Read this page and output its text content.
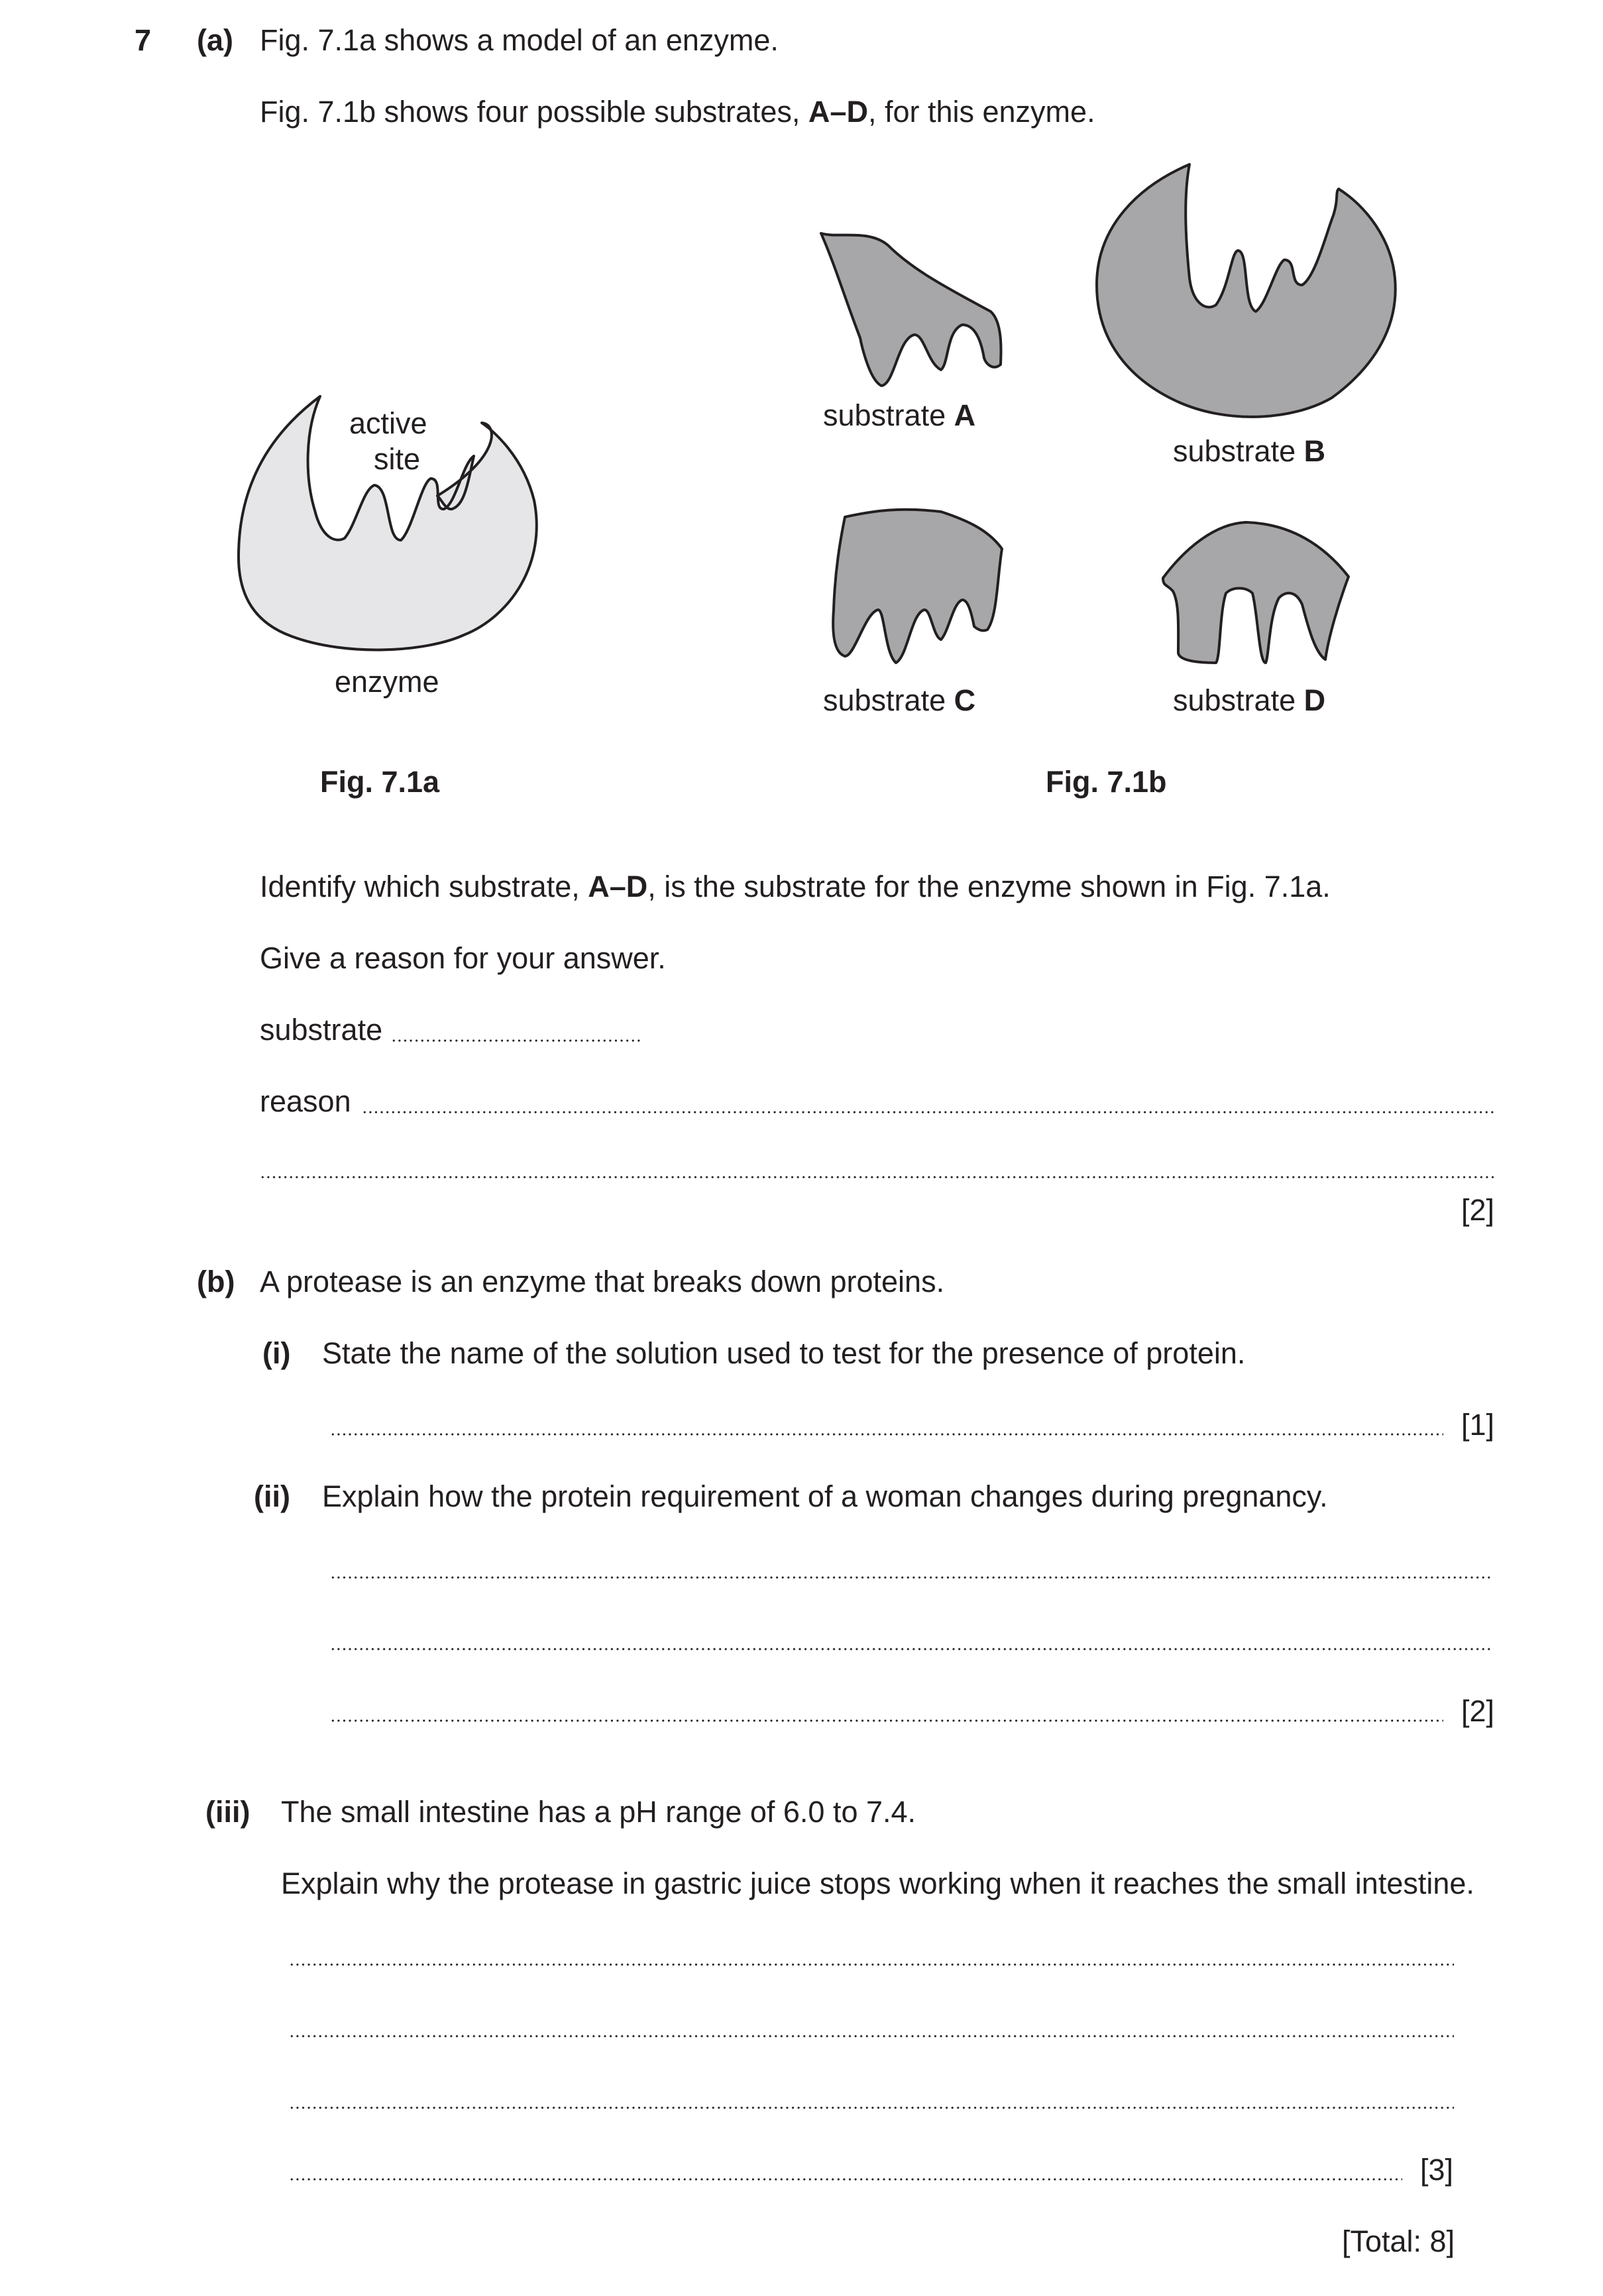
7 (a) Fig. 7.1a shows a model of an enzyme.
Fig. 7.1b shows four possible substrates, A–D, for this enzyme.
active
site
enzyme
substrate A
substrate B
substrate C	substrate D
Fig. 7.1a	Fig. 7.1b
Identify which substrate, A–D, is the substrate for the enzyme shown in Fig. 7.1a.
Give a reason for your answer.
substrate
reason
[2]
(b) A protease is an enzyme that breaks down proteins.
(i) State the name of the solution used to test for the presence of protein.
[1]
(ii) Explain how the protein requirement of a woman changes during pregnancy.
[2]
(iii) The small intestine has a pH range of 6.0 to 7.4.
Explain why the protease in gastric juice stops working when it reaches the small intestine.
[3]
[Total: 8]
